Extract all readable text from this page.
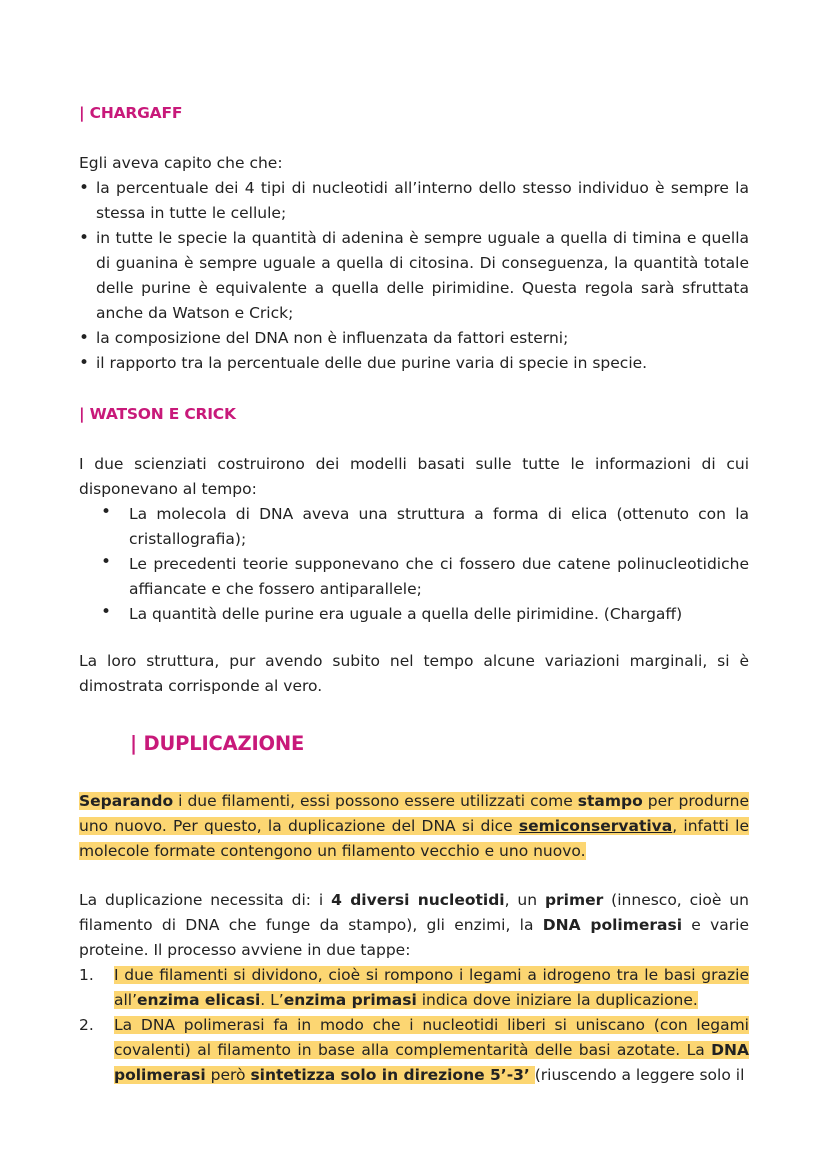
| CHARGAFF
Egli aveva capito che che:
• la percentuale dei 4 tipi di nucleotidi all’interno dello stesso individuo è sempre la stessa in tutte le cellule;
• in tutte le specie la quantità di adenina è sempre uguale a quella di timina e quella di guanina è sempre uguale a quella di citosina. Di conseguenza, la quantità totale delle purine è equivalente a quella delle pirimidine. Questa regola sarà sfruttata anche da Watson e Crick;
• la composizione del DNA non è influenzata da fattori esterni;
• il rapporto tra la percentuale delle due purine varia di specie in specie.
| WATSON E CRICK
I due scienziati costruirono dei modelli basati sulle tutte le informazioni di cui disponevano al tempo:
• La molecola di DNA aveva una struttura a forma di elica (ottenuto con la cristallografia);
• Le precedenti teorie supponevano che ci fossero due catene polinucleotidiche affiancate e che fossero antiparallele;
• La quantità delle purine era uguale a quella delle pirimidine. (Chargaff)
La loro struttura, pur avendo subito nel tempo alcune variazioni marginali, si è dimostrata corrisponde al vero.
| DUPLICAZIONE
Separando i due filamenti, essi possono essere utilizzati come stampo per produrne uno nuovo. Per questo, la duplicazione del DNA si dice semiconservativa, infatti le molecole formate contengono un filamento vecchio e uno nuovo.
La duplicazione necessita di: i 4 diversi nucleotidi, un primer (innesco, cioè un filamento di DNA che funge da stampo), gli enzimi, la DNA polimerasi e varie proteine. Il processo avviene in due tappe:
1. I due filamenti si dividono, cioè si rompono i legami a idrogeno tra le basi grazie all’enzima elicasi. L’enzima primasi indica dove iniziare la duplicazione.
2. La DNA polimerasi fa in modo che i nucleotidi liberi si uniscano (con legami covalenti) al filamento in base alla complementarità delle basi azotate. La DNA polimerasi però sintetizza solo in direzione 5’-3’ (riuscendo a leggere solo il
